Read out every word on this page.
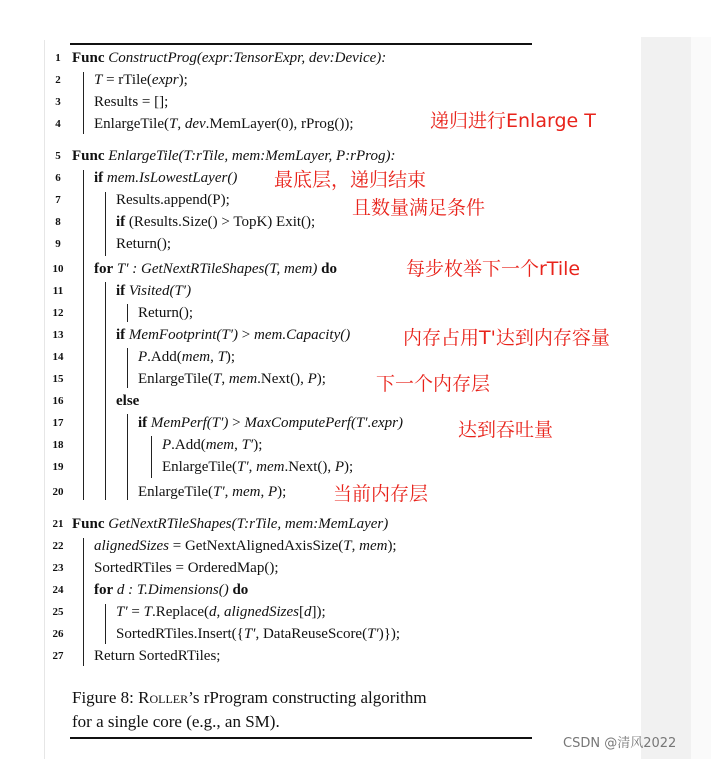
1 Func ConstructProg(expr:TensorExpr, dev:Device):
2	T = rTile(expr);
3	Results = [];
4	EnlargeTile(T, dev.MemLayer(0), rProg());
5 Func EnlargeTile(T:rTile, mem:MemLayer, P:rProg):
6	if mem.IsLowestLayer()
7	Results.append(P);
8	if (Results.Size() > TopK) Exit();
9	Return();
10 for T′ : GetNextRTileShapes(T, mem) do
11	if Visited(T′)
12	Return();
13	if MemFootprint(T′) > mem.Capacity()
14	P.Add(mem, T);
15	EnlargeTile(T, mem.Next(), P);
16	else
17	if MemPerf(T′) > MaxComputePerf(T′.expr)
18	P.Add(mem, T′);
19	EnlargeTile(T′, mem.Next(), P);
20	EnlargeTile(T′, mem, P);
21 Func GetNextRTileShapes(T:rTile, mem:MemLayer)
22 alignedSizes = GetNextAlignedAxisSize(T, mem);
23 SortedRTiles = OrderedMap();
24 for d : T.Dimensions() do
25	T′ = T.Replace(d, alignedSizes[d]);
26	SortedRTiles.Insert({T′, DataReuseScore(T′)});
27 Return SortedRTiles;
递归进行Enlarge T
最底层，递归结束
且数量满足条件
每步枚举下一个rTile
内存占用T'达到内存容量
下一个内存层
达到吞吐量
当前内存层
Figure 8: Roller’s rProgram constructing algorithm
for a single core (e.g., an SM).
CSDN @清风2022
